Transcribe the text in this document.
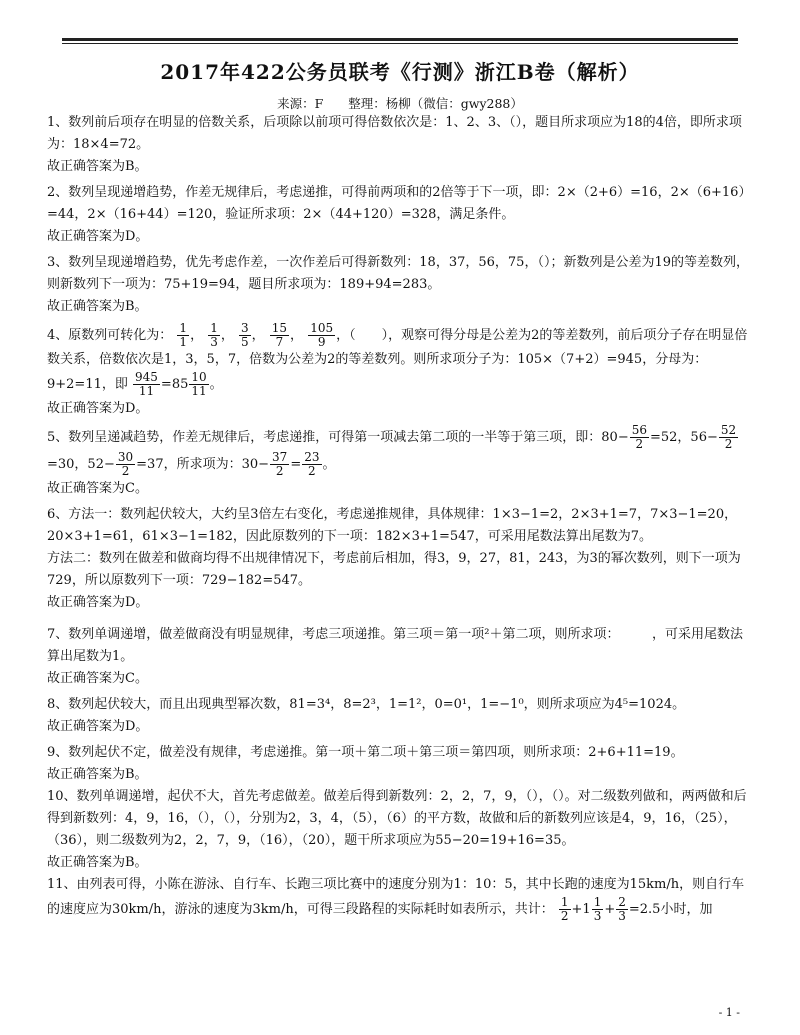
2017年422公务员联考《行测》浙江B卷（解析）
来源：F　　整理：杨柳（微信：gwy288）

1、数列前后项存在明显的倍数关系，后项除以前项可得倍数依次是：1、2、3、（），题目所求项应为18的4倍，即所求项为：18×4=72。

故正确答案为B。

2、数列呈现递增趋势，作差无规律后，考虑递推，可得前两项和的2倍等于下一项，即：2×（2+6）=16，2×（6+16）=44，2×（16+44）=120，验证所求项：2×（44+120）=328，满足条件。

故正确答案为D。

3、数列呈现递增趋势，优先考虑作差，一次作差后可得新数列：18，37，56，75，（）；新数列是公差为19的等差数列，则新数列下一项为：75+19=94，题目所求项为：189+94=283。

故正确答案为B。

4、原数列可转化为： $\frac{1}{1}$ ， $\frac{1}{3}$ ， $\frac{3}{5}$ ， $\frac{15}{7}$ ， $\frac{105}{9}$ ，（　　），观察可得分母是公差为2的等差数列，前后项分子存在明显倍数关系，倍数依次是1，3，5，7，倍数为公差为2的等差数列。则所求项分子为：105×（7+2）=945，分母为：9+2=11，即 $\frac{945}{11} =85 \frac{10}{11}$ 。

故正确答案为D。

5、数列呈递减趋势，作差无规律后，考虑递推，可得第一项减去第二项的一半等于第三项，即：$80- \frac{56}{2} =52$，$56- \frac{52}{2}$
=30，$52- \frac{30}{2} =37$，所求项为：$30- \frac{37}{2} = \frac{23}{2}$ 。

故正确答案为C。

6、方法一：数列起伏较大，大约呈3倍左右变化，考虑递推规律，具体规律：1×3−1=2，2×3+1=7，7×3−1=20，20×3+1=61，61×3−1=182，因此原数列的下一项：182×3+1=547，可采用尾数法算出尾数为7。

方法二：数列在做差和做商均得不出规律情况下，考虑前后相加，得3，9，27，81，243，为3的幂次数列，则下一项为729，所以原数列下一项：729−182=547。

故正确答案为D。

7、数列单调递增，做差做商没有明显规律，考虑三项递推。第三项＝第一项²＋第二项，则所求项：　　　，可采用尾数法算出尾数为1。

故正确答案为C。

8、数列起伏较大，而且出现典型幂次数，81=3⁴，8=2³，1=1²，0=0¹，1=−1⁰，则所求项应为4⁵=1024。

故正确答案为D。

9、数列起伏不定，做差没有规律，考虑递推。第一项＋第二项＋第三项＝第四项，则所求项：2+6+11=19。

故正确答案为B。

10、数列单调递增，起伏不大，首先考虑做差。做差后得到新数列：2，2，7，9，（），（）。对二级数列做和，两两做和后得到新数列：4，9，16，（），（），分别为2，3，4，（5），（6）的平方数，故做和后的新数列应该是4，9，16，（25），（36），则二级数列为2，2，7，9，（16），（20），题干所求项应为55−20=19+16=35。

故正确答案为B。

11、由列表可得，小陈在游泳、自行车、长跑三项比赛中的速度分别为1：10：5，其中长跑的速度为15km/h，则自行车的速度应为30km/h，游泳的速度为3km/h，可得三段路程的实际耗时如表所示，共计： $\frac{1}{2} +1 \frac{1}{3} + \frac{2}{3} =2.5$小时，加

- 1 -
